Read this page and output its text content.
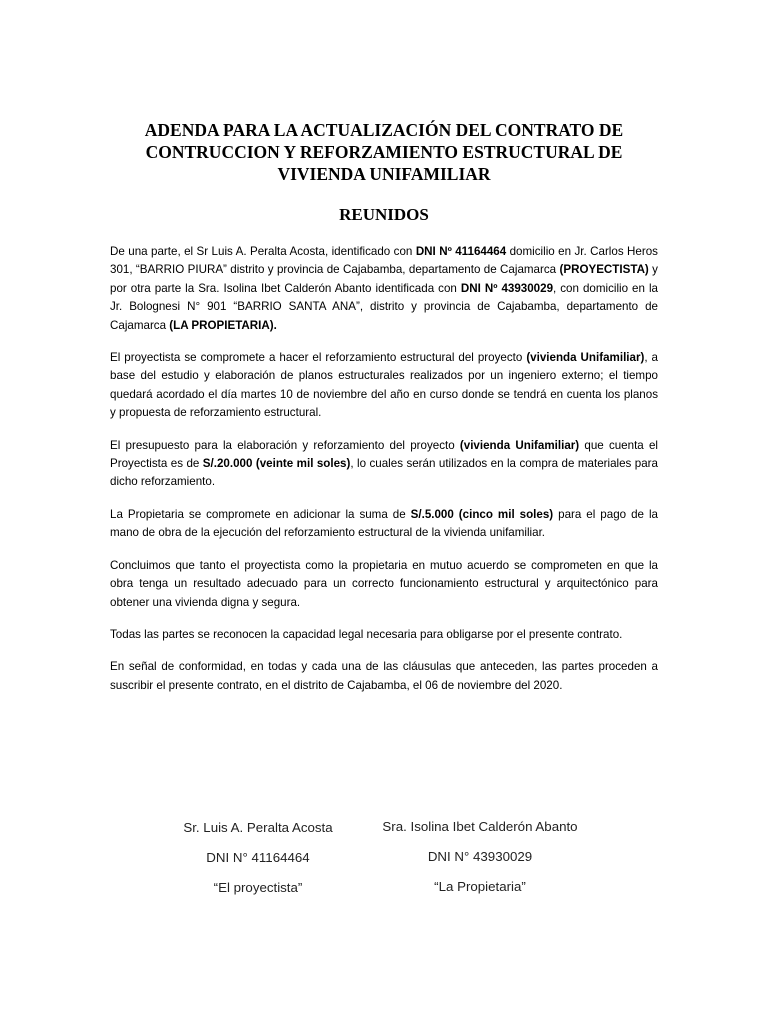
ADENDA PARA LA ACTUALIZACIÓN DEL CONTRATO DE
CONTRUCCION Y REFORZAMIENTO ESTRUCTURAL DE
VIVIENDA UNIFAMILIAR
REUNIDOS

De una parte, el Sr Luis A. Peralta Acosta, identificado con DNI Nº 41164464 domicilio en Jr. Carlos Heros 301, “BARRIO PIURA” distrito y provincia de Cajabamba, departamento de Cajamarca (PROYECTISTA) y por otra parte la Sra. Isolina Ibet Calderón Abanto identificada con DNI Nº 43930029, con domicilio en la Jr. Bolognesi N° 901 “BARRIO SANTA ANA”, distrito y provincia de Cajabamba, departamento de Cajamarca (LA PROPIETARIA).

El proyectista se compromete a hacer el reforzamiento estructural del proyecto (vivienda Unifamiliar), a base del estudio y elaboración de planos estructurales realizados por un ingeniero externo; el tiempo quedará acordado el día martes 10 de noviembre del año en curso donde se tendrá en cuenta los planos y propuesta de reforzamiento estructural.

El presupuesto para la elaboración y reforzamiento del proyecto (vivienda Unifamiliar) que cuenta el Proyectista es de S/.20.000 (veinte mil soles), lo cuales serán utilizados en la compra de materiales para dicho reforzamiento.

La Propietaria se compromete en adicionar la suma de S/.5.000 (cinco mil soles) para el pago de la mano de obra de la ejecución del reforzamiento estructural de la vivienda unifamiliar.

Concluimos que tanto el proyectista como la propietaria en mutuo acuerdo se comprometen en que la obra tenga un resultado adecuado para un correcto funcionamiento estructural y arquitectónico para obtener una vivienda digna y segura.

Todas las partes se reconocen la capacidad legal necesaria para obligarse por el presente contrato.

En señal de conformidad, en todas y cada una de las cláusulas que anteceden, las partes proceden a suscribir el presente contrato, en el distrito de Cajabamba, el 06 de noviembre del 2020.

Sr. Luis A. Peralta Acosta
DNI N° 41164464
“El proyectista”
Sra. Isolina Ibet Calderón Abanto
DNI N° 43930029
“La Propietaria”
